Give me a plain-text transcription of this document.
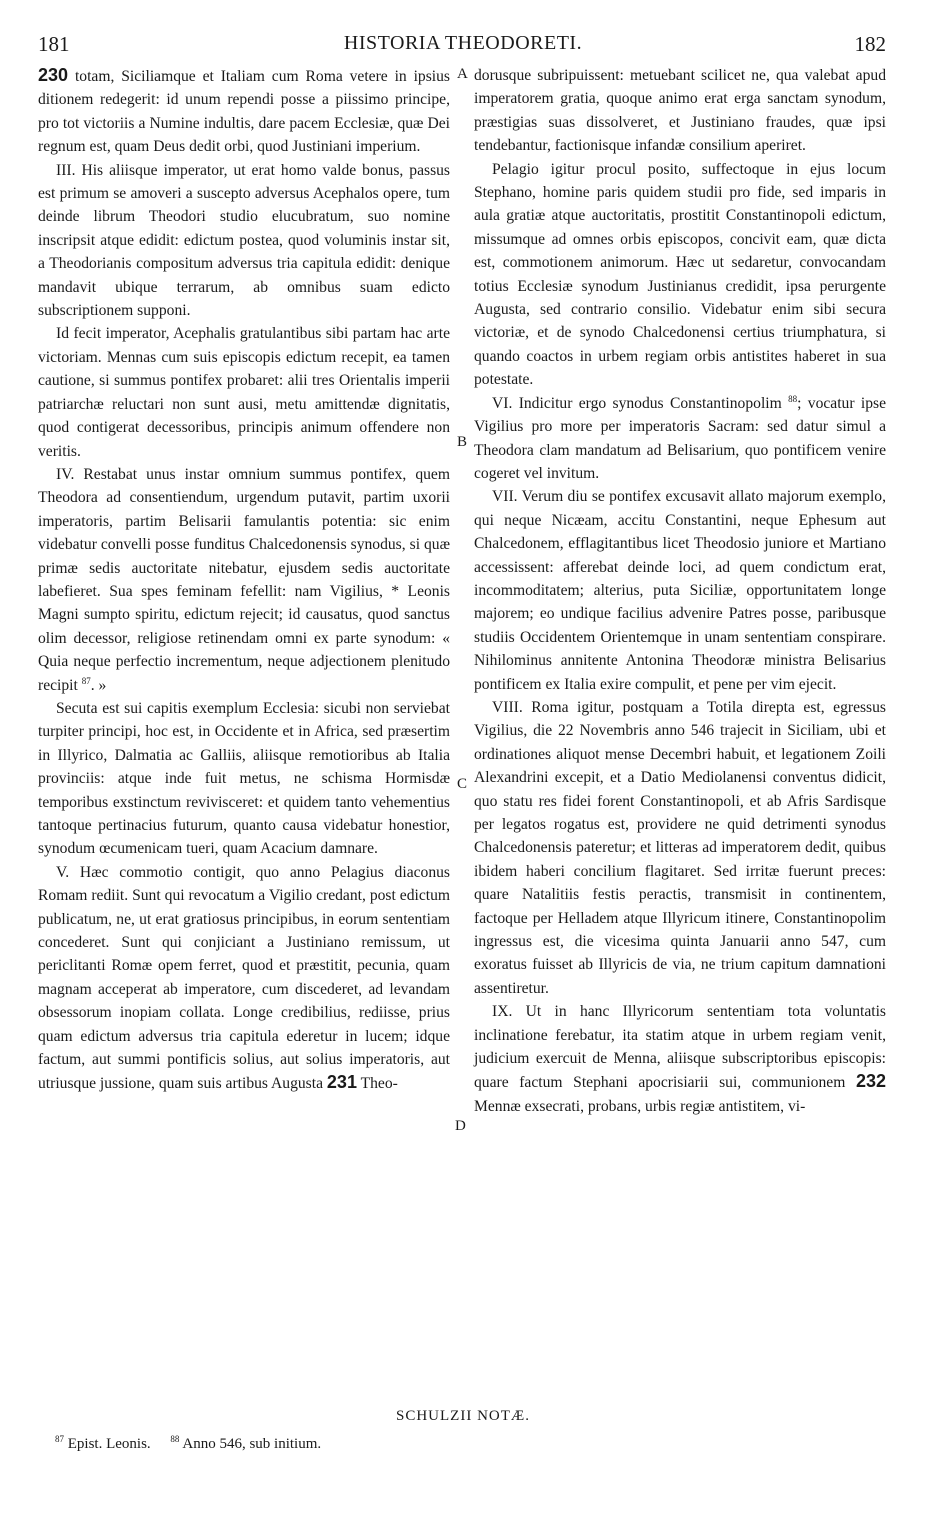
181	HISTORIA THEODORETI.	182
A
B
C
D

230 totam, Siciliamque et Italiam cum Roma vetere in ipsius ditionem redegerit: id unum rependi posse a piissimo principe, pro tot victoriis a Numine indultis, dare pacem Ecclesiæ, quæ Dei regnum est, quam Deus dedit orbi, quod Justiniani imperium.

III. His aliisque imperator, ut erat homo valde bonus, passus est primum se amoveri a suscepto adversus Acephalos opere, tum deinde librum Theodori studio elucubratum, suo nomine inscripsit atque edidit: edictum postea, quod voluminis instar sit, a Theodorianis compositum adversus tria capitula edidit: denique mandavit ubique terrarum, ab omnibus suam edicto subscriptionem supponi.

Id fecit imperator, Acephalis gratulantibus sibi partam hac arte victoriam. Mennas cum suis episcopis edictum recepit, ea tamen cautione, si summus pontifex probaret: alii tres Orientalis imperii patriarchæ reluctari non sunt ausi, metu amittendæ dignitatis, quod contigerat decessoribus, principis animum offendere non veritis.

IV. Restabat unus instar omnium summus pontifex, quem Theodora ad consentiendum, urgendum putavit, partim uxorii imperatoris, partim Belisarii famulantis potentia: sic enim videbatur convelli posse funditus Chalcedonensis synodus, si quæ primæ sedis auctoritate nitebatur, ejusdem sedis auctoritate labefieret. Sua spes feminam fefellit: nam Vigilius, * Leonis Magni sumpto spiritu, edictum rejecit; id causatus, quod sanctus olim decessor, religiose retinendam omni ex parte synodum: « Quia neque perfectio incrementum, neque adjectionem plenitudo recipit $^{87}$. »

Secuta est sui capitis exemplum Ecclesia: sicubi non serviebat turpiter principi, hoc est, in Occidente et in Africa, sed præsertim in Illyrico, Dalmatia ac Galliis, aliisque remotioribus ab Italia provinciis: atque inde fuit metus, ne schisma Hormisdæ temporibus exstinctum revivisceret: et quidem tanto vehementius tantoque pertinacius futurum, quanto causa videbatur honestior, synodum œcumenicam tueri, quam Acacium damnare.

V. Hæc commotio contigit, quo anno Pelagius diaconus Romam rediit. Sunt qui revocatum a Vigilio credant, post edictum publicatum, ne, ut erat gratiosus principibus, in eorum sententiam concederet. Sunt qui conjiciant a Justiniano remissum, ut periclitanti Romæ opem ferret, quod et præstitit, pecunia, quam magnam acceperat ab imperatore, cum discederet, ad levandam obsessorum inopiam collata. Longe credibilius, rediisse, prius quam edictum adversus tria capitula ederetur in lucem; idque factum, aut summi pontificis solius, aut solius imperatoris, aut utriusque jussione, quam suis artibus Augusta 231 Theo-

dorusque subripuissent: metuebant scilicet ne, qua valebat apud imperatorem gratia, quoque animo erat erga sanctam synodum, præstigias suas dissolveret, et Justiniano fraudes, quæ ipsi tendebantur, factionisque infandæ consilium aperiret.

Pelagio igitur procul posito, suffectoque in ejus locum Stephano, homine paris quidem studii pro fide, sed imparis in aula gratiæ atque auctoritatis, prostitit Constantinopoli edictum, missumque ad omnes orbis episcopos, concivit eam, quæ dicta est, commotionem animorum. Hæc ut sedaretur, convocandam totius Ecclesiæ synodum Justinianus credidit, ipsa perurgente Augusta, sed contrario consilio. Videbatur enim sibi secura victoriæ, et de synodo Chalcedonensi certius triumphatura, si quando coactos in urbem regiam orbis antistites haberet in sua potestate.

VI. Indicitur ergo synodus Constantinopolim $^{88}$; vocatur ipse Vigilius pro more per imperatoris Sacram: sed datur simul a Theodora clam mandatum ad Belisarium, quo pontificem venire cogeret vel invitum.

VII. Verum diu se pontifex excusavit allato majorum exemplo, qui neque Nicæam, accitu Constantini, neque Ephesum aut Chalcedonem, efflagitantibus licet Theodosio juniore et Martiano accessissent: afferebat deinde loci, ad quem condictum erat, incommoditatem; alterius, puta Siciliæ, opportunitatem longe majorem; eo undique facilius advenire Patres posse, paribusque studiis Occidentem Orientemque in unam sententiam conspirare. Nihilominus annitente Antonina Theodoræ ministra Belisarius pontificem ex Italia exire compulit, et pene per vim ejecit.

VIII. Roma igitur, postquam a Totila direpta est, egressus Vigilius, die 22 Novembris anno 546 trajecit in Siciliam, ubi et ordinationes aliquot mense Decembri habuit, et legationem Zoili Alexandrini excepit, et a Datio Mediolanensi conventus didicit, quo statu res fidei forent Constantinopoli, et ab Afris Sardisque per legatos rogatus est, providere ne quid detrimenti synodus Chalcedonensis pateretur; et litteras ad imperatorem dedit, quibus ibidem haberi concilium flagitaret. Sed irritæ fuerunt preces: quare Natalitiis festis peractis, transmisit in continentem, factoque per Helladem atque Illyricum itinere, Constantinopolim ingressus est, die vicesima quinta Januarii anno 547, cum exoratus fuisset ab Illyricis de via, ne trium capitum damnationi assentiretur.

IX. Ut in hanc Illyricorum sententiam tota voluntatis inclinatione ferebatur, ita statim atque in urbem regiam venit, judicium exercuit de Menna, aliisque subscriptoribus episcopis: quare factum Stephani apocrisiarii sui, communionem 232 Mennæ exsecrati, probans, urbis regiæ antistitem, vi-

SCHULZII NOTÆ.
$^{87}$ Epist. Leonis. $^{88}$ Anno 546, sub initium.
